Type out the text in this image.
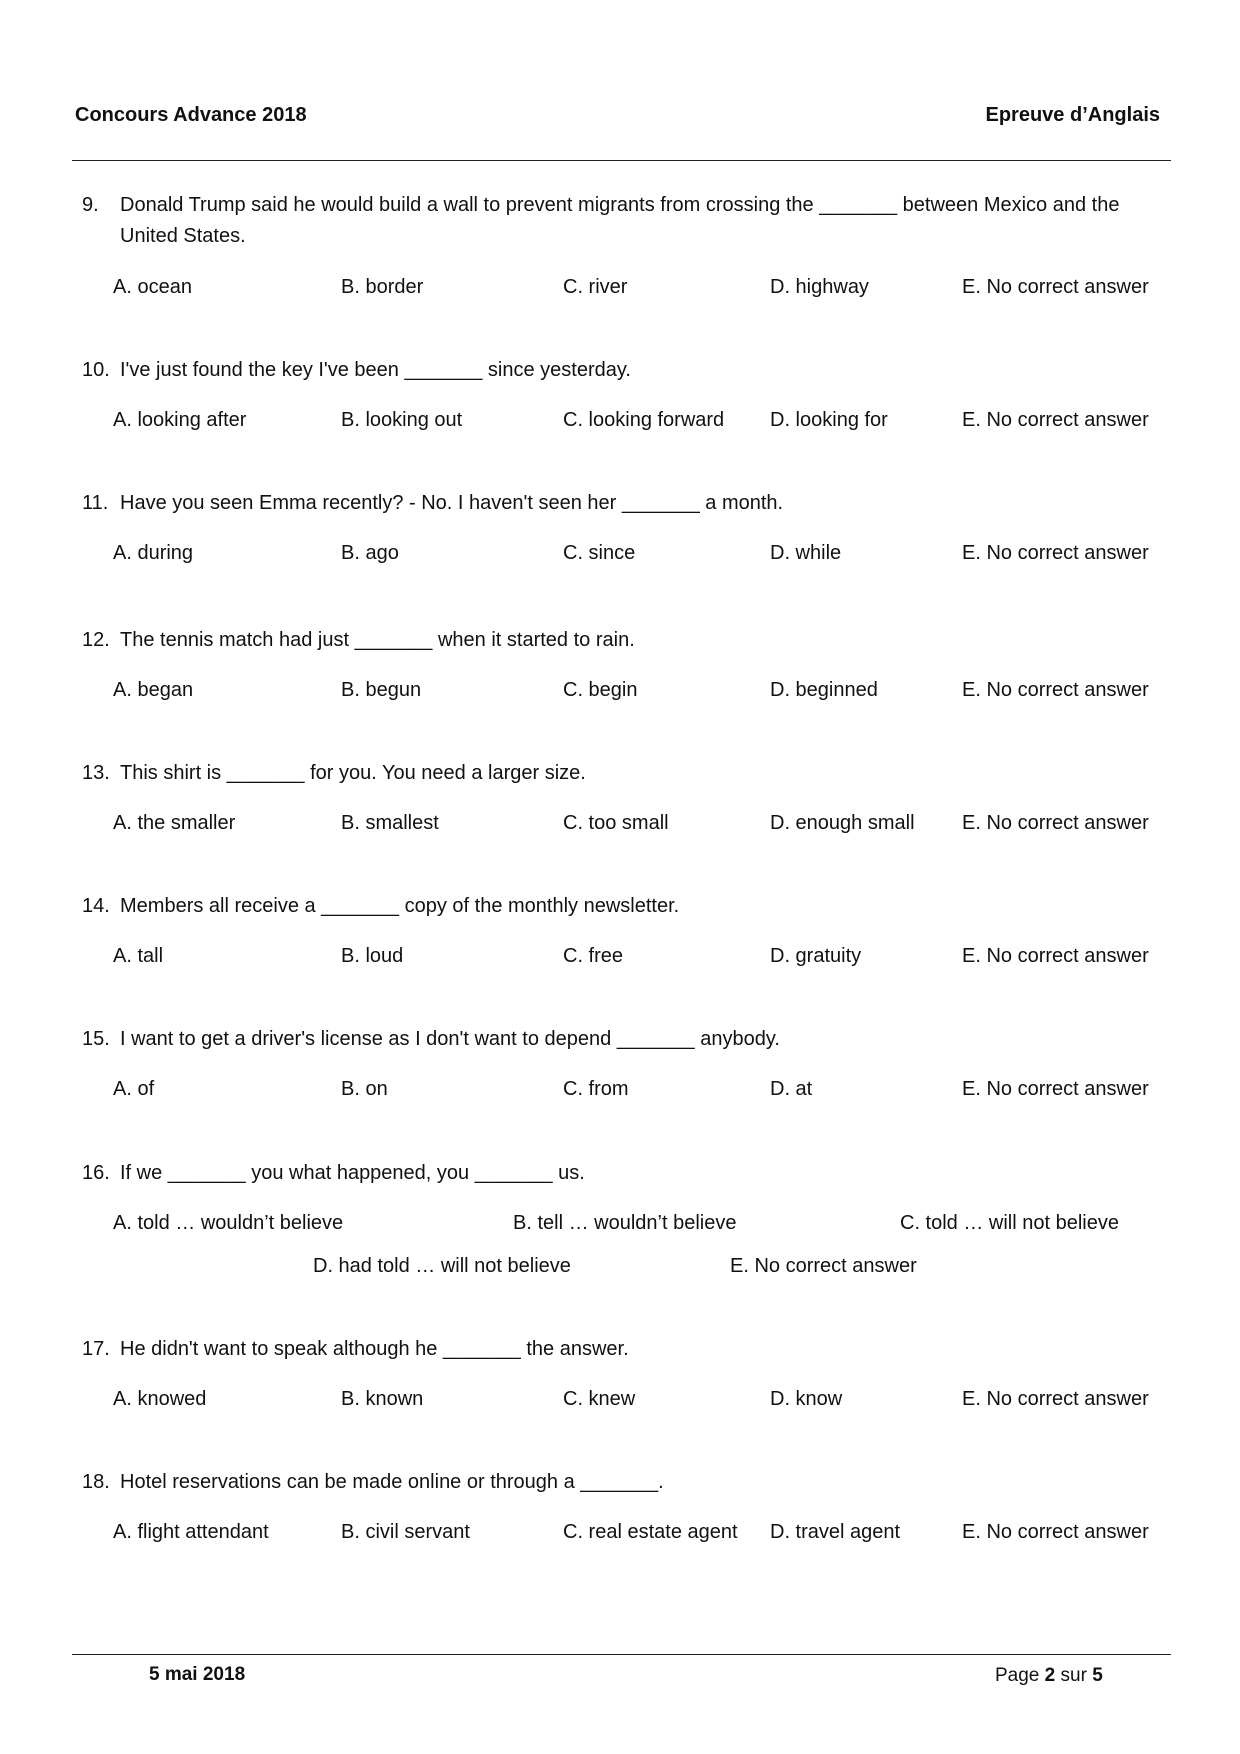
Concours Advance 2018	Epreuve d’Anglais
9. Donald Trump said he would build a wall to prevent migrants from crossing the _______ between Mexico and the United States.
A. ocean	B. border	C. river	D. highway	E. No correct answer
10. I've just found the key I've been _______ since yesterday.
A. looking after	B. looking out	C. looking forward D. looking for	E. No correct answer
11. Have you seen Emma recently? - No. I haven't seen her _______ a month.
A. during	B. ago	C. since	D. while	E. No correct answer
12. The tennis match had just _______ when it started to rain.
A. began	B. begun	C. begin	D. beginned	E. No correct answer
13. This shirt is _______ for you. You need a larger size.
A. the smaller	B. smallest	C. too small	D. enough small E. No correct answer
14. Members all receive a _______ copy of the monthly newsletter.
A. tall	B. loud	C. free	D. gratuity	E. No correct answer
15. I want to get a driver's license as I don't want to depend _______ anybody.
A. of	B. on	C. from	D. at	E. No correct answer
16. If we _______ you what happened, you _______ us.
A. told … wouldn’t believe	B. tell … wouldn’t believe	C. told … will not believe
D. had told … will not believe	E. No correct answer
17. He didn't want to speak although he _______ the answer.
A. knowed	B. known	C. knew	D. know	E. No correct answer
18. Hotel reservations can be made online or through a _______.
A. flight attendant	B. civil servant	C. real estate agent D. travel agent	E. No correct answer
5 mai 2018	Page 2 sur 5
